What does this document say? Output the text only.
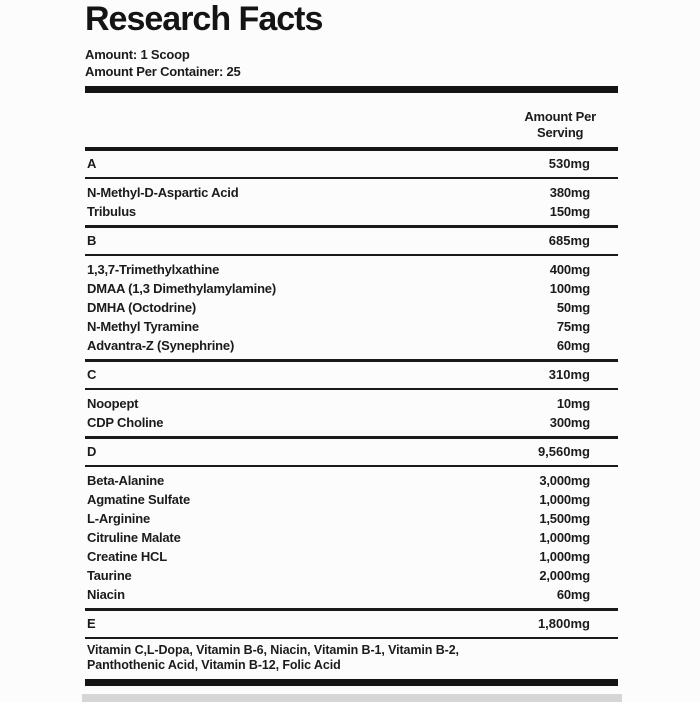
Research Facts
Amount: 1 Scoop
Amount Per Container: 25
Amount Per
Serving
A	530mg
N-Methyl-D-Aspartic Acid	380mg
Tribulus	150mg
B	685mg
1,3,7-Trimethylxathine	400mg
DMAA (1,3 Dimethylamylamine)	100mg
DMHA (Octodrine)	50mg
N-Methyl Tyramine	75mg
Advantra-Z (Synephrine)	60mg
C	310mg
Noopept	10mg
CDP Choline	300mg
D	9,560mg
Beta-Alanine	3,000mg
Agmatine Sulfate	1,000mg
L-Arginine	1,500mg
Citruline Malate	1,000mg
Creatine HCL	1,000mg
Taurine	2,000mg
Niacin	60mg
E	1,800mg
Vitamin C,L-Dopa, Vitamin B-6, Niacin, Vitamin B-1, Vitamin B-2,
Panthothenic Acid, Vitamin B-12, Folic Acid
